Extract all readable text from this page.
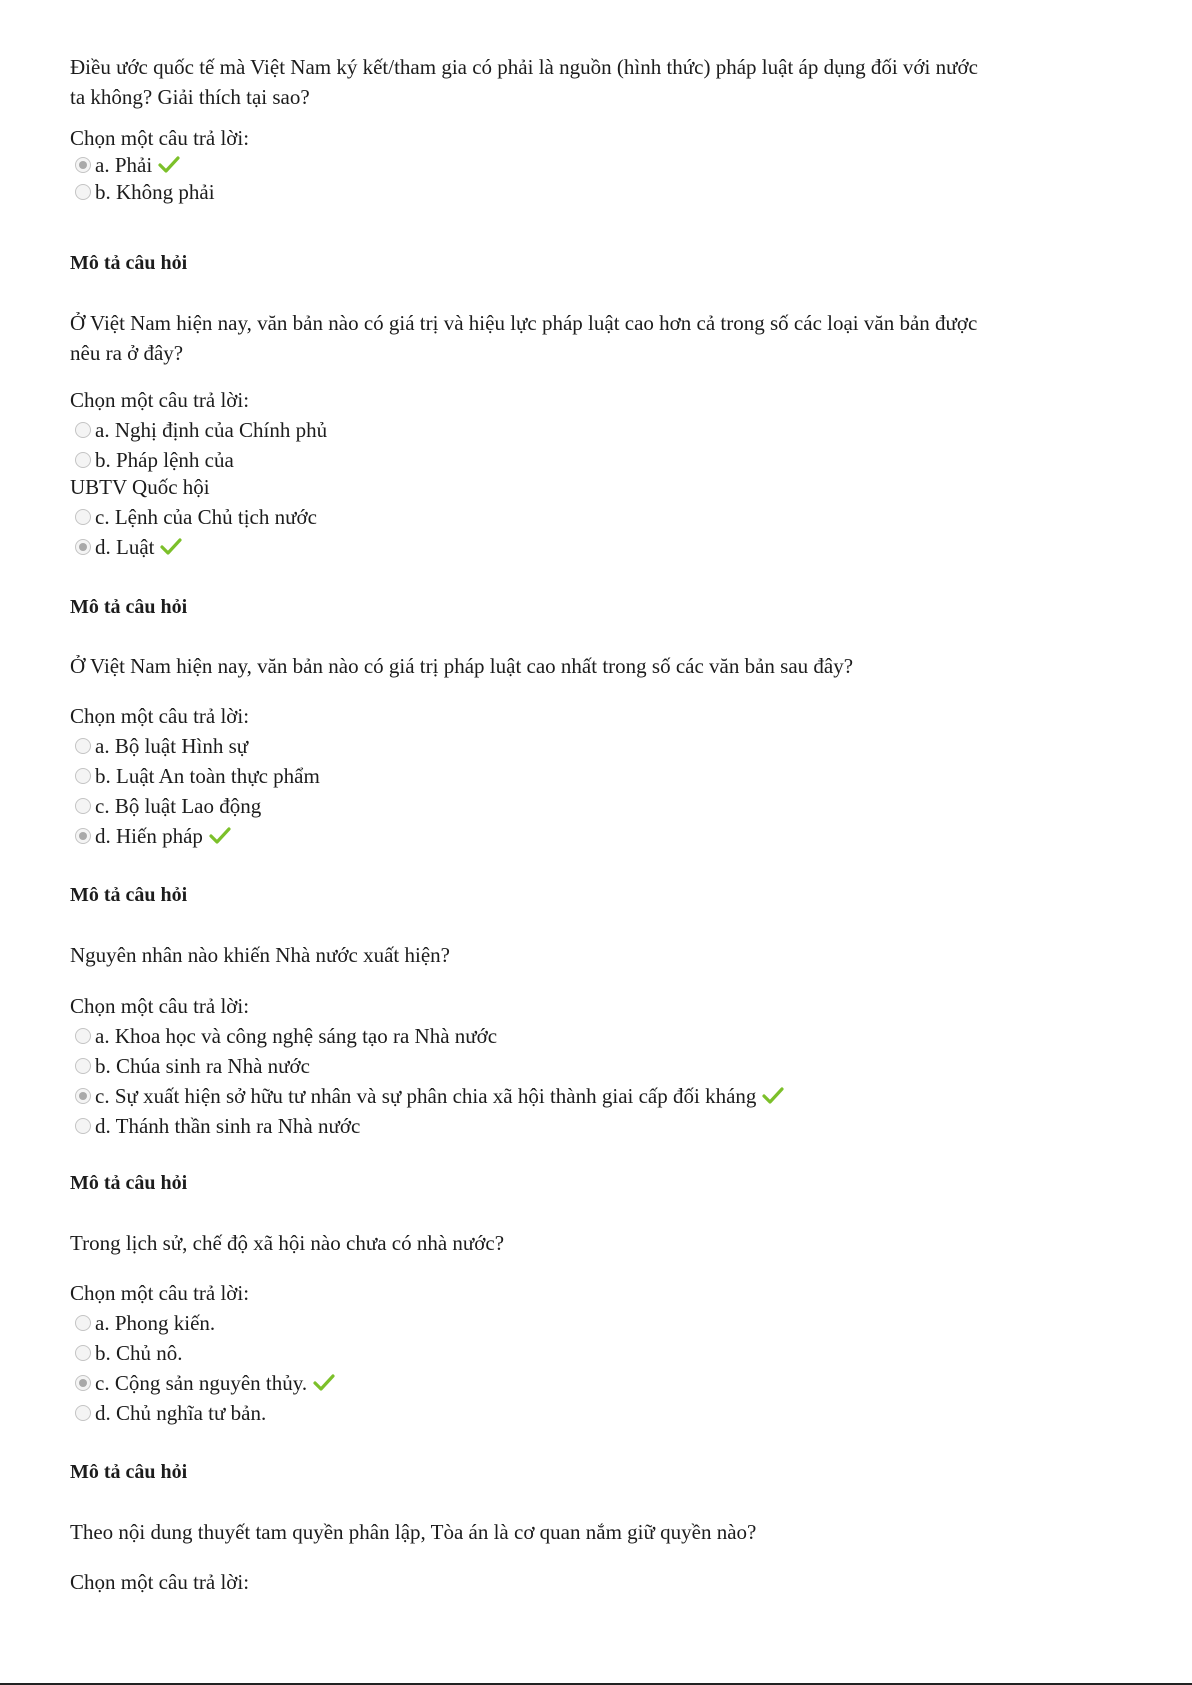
Điều ước quốc tế mà Việt Nam ký kết/tham gia có phải là nguồn (hình thức) pháp luật áp dụng đối với nước
ta không? Giải thích tại sao?
Chọn một câu trả lời:
a. Phải
b. Không phải
Mô tả câu hỏi
Ở Việt Nam hiện nay, văn bản nào có giá trị và hiệu lực pháp luật cao hơn cả trong số các loại văn bản được
nêu ra ở đây?
Chọn một câu trả lời:
a. Nghị định của Chính phủ
b. Pháp lệnh của
UBTV Quốc hội
c. Lệnh của Chủ tịch nước
d. Luật
Mô tả câu hỏi
Ở Việt Nam hiện nay, văn bản nào có giá trị pháp luật cao nhất trong số các văn bản sau đây?
Chọn một câu trả lời:
a. Bộ luật Hình sự
b. Luật An toàn thực phẩm
c. Bộ luật Lao động
d. Hiến pháp
Mô tả câu hỏi
Nguyên nhân nào khiến Nhà nước xuất hiện?
Chọn một câu trả lời:
a. Khoa học và công nghệ sáng tạo ra Nhà nước
b. Chúa sinh ra Nhà nước
c. Sự xuất hiện sở hữu tư nhân và sự phân chia xã hội thành giai cấp đối kháng
d. Thánh thần sinh ra Nhà nước
Mô tả câu hỏi
Trong lịch sử, chế độ xã hội nào chưa có nhà nước?
Chọn một câu trả lời:
a. Phong kiến.
b. Chủ nô.
c. Cộng sản nguyên thủy.
d. Chủ nghĩa tư bản.
Mô tả câu hỏi
Theo nội dung thuyết tam quyền phân lập, Tòa án là cơ quan nắm giữ quyền nào?
Chọn một câu trả lời:
